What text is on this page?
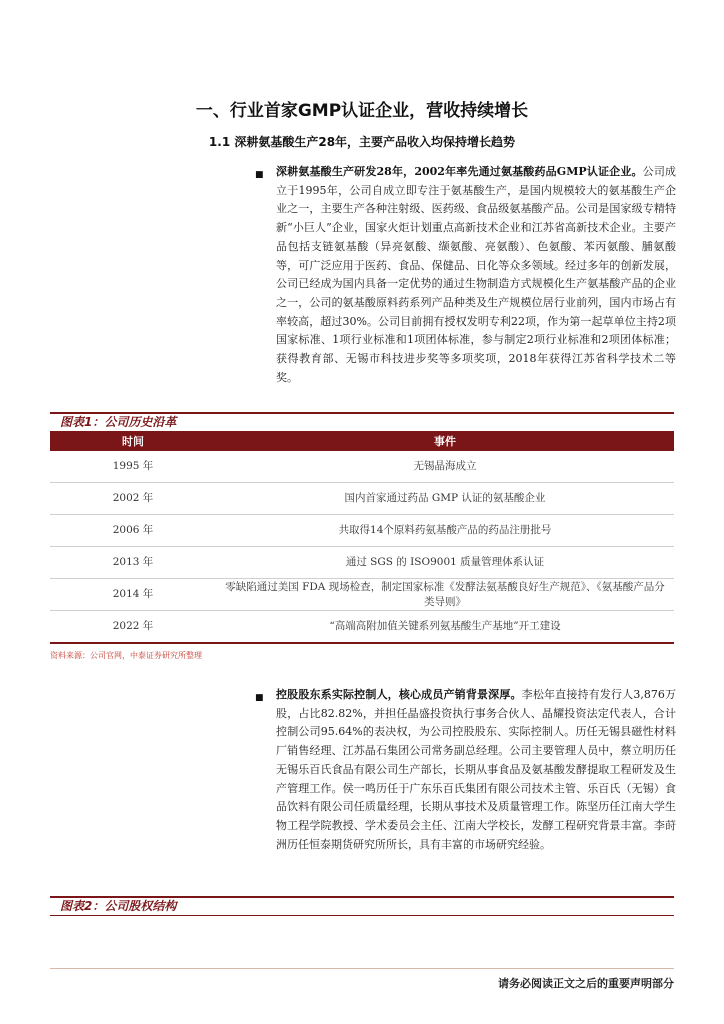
一、行业首家GMP认证企业，营收持续增长
1.1 深耕氨基酸生产28年，主要产品收入均保持增长趋势
■ 深耕氨基酸生产研发28年，2002年率先通过氨基酸药品GMP认证企业。公司成立于1995年，公司自成立即专注于氨基酸生产，是国内规模较大的氨基酸生产企业之一，主要生产各种注射级、医药级、食品级氨基酸产品。公司是国家级专精特新“小巨人”企业，国家火炬计划重点高新技术企业和江苏省高新技术企业。主要产品包括支链氨基酸（异亮氨酸、缬氨酸、亮氨酸）、色氨酸、苯丙氨酸、脯氨酸等，可广泛应用于医药、食品、保健品、日化等众多领域。经过多年的创新发展，公司已经成为国内具备一定优势的通过生物制造方式规模化生产氨基酸产品的企业之一，公司的氨基酸原料药系列产品种类及生产规模位居行业前列，国内市场占有率较高，超过30%。公司目前拥有授权发明专利22项，作为第一起草单位主持2项国家标准、1项行业标准和1项团体标准，参与制定2项行业标准和2项团体标准；获得教育部、无锡市科技进步奖等多项奖项，2018年获得江苏省科学技术二等奖。
图表1：公司历史沿革
时间	事件
1995 年	无锡晶海成立
2002 年	国内首家通过药品 GMP 认证的氨基酸企业
2006 年	共取得14个原料药氨基酸产品的药品注册批号
2013 年	通过 SGS 的 ISO9001 质量管理体系认证
2014 年	零缺陷通过美国 FDA 现场检查，制定国家标准《发酵法氨基酸良好生产规范》、《氨基酸产品分类导则》
2022 年	“高端高附加值关键系列氨基酸生产基地”开工建设
资料来源：公司官网，中泰证券研究所整理
■ 控股股东系实际控制人，核心成员产销背景深厚。李松年直接持有发行人3,876万股，占比82.82%，并担任晶盛投资执行事务合伙人、晶耀投资法定代表人，合计控制公司95.64%的表决权，为公司控股股东、实际控制人。历任无锡县磁性材料厂销售经理、江苏晶石集团公司常务副总经理。公司主要管理人员中，蔡立明历任无锡乐百氏食品有限公司生产部长，长期从事食品及氨基酸发酵提取工程研发及生产管理工作。侯一鸣历任于广东乐百氏集团有限公司技术主管、乐百氏（无锡）食品饮料有限公司任质量经理，长期从事技术及质量管理工作。陈坚历任江南大学生物工程学院教授、学术委员会主任、江南大学校长，发酵工程研究背景丰富。李莳洲历任恒泰期货研究所所长，具有丰富的市场研究经验。
图表2：公司股权结构
请务必阅读正文之后的重要声明部分
